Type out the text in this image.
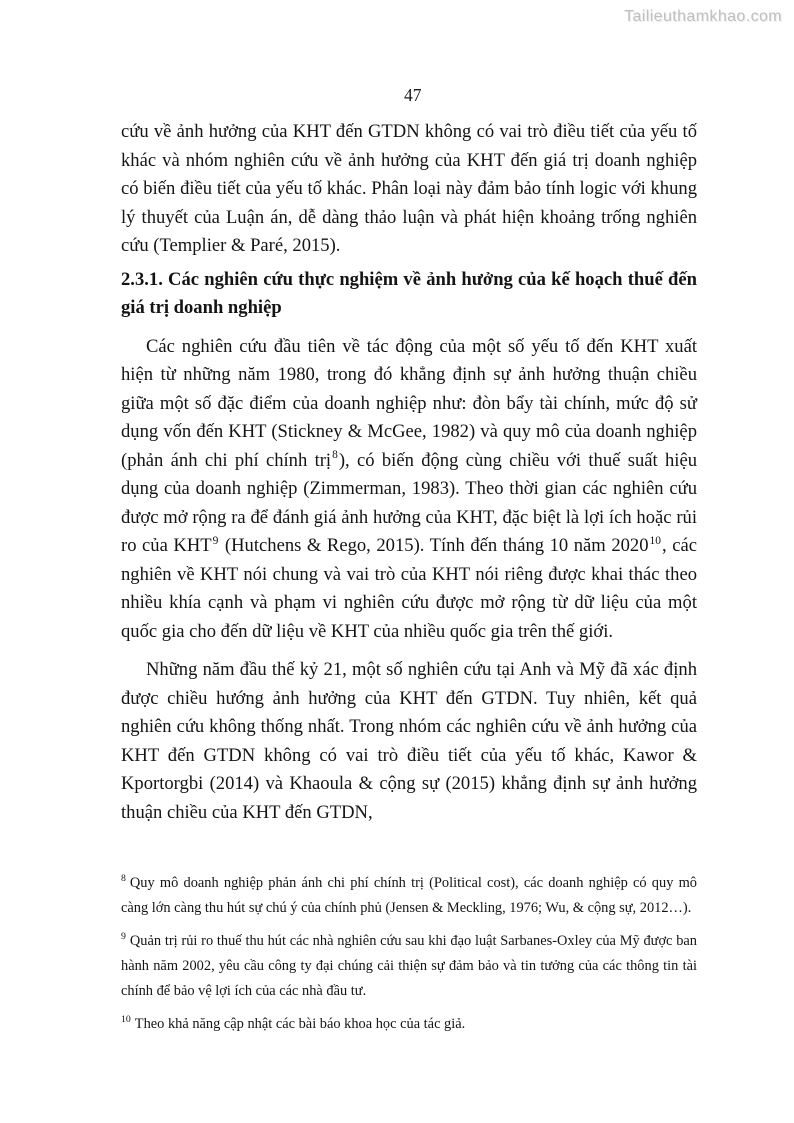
Tailieuthamkhao.com
47

cứu về ảnh hưởng của KHT đến GTDN không có vai trò điều tiết của yếu tố khác và nhóm nghiên cứu về ảnh hưởng của KHT đến giá trị doanh nghiệp có biến điều tiết của yếu tố khác. Phân loại này đảm bảo tính logic với khung lý thuyết của Luận án, dễ dàng thảo luận và phát hiện khoảng trống nghiên cứu (Templier & Paré, 2015).

2.3.1. Các nghiên cứu thực nghiệm về ảnh hưởng của kế hoạch thuế đến giá trị doanh nghiệp

Các nghiên cứu đầu tiên về tác động của một số yếu tố đến KHT xuất hiện từ những năm 1980, trong đó khẳng định sự ảnh hưởng thuận chiều giữa một số đặc điểm của doanh nghiệp như: đòn bẩy tài chính, mức độ sử dụng vốn đến KHT (Stickney & McGee, 1982) và quy mô của doanh nghiệp (phản ánh chi phí chính trị$^8$), có biến động cùng chiều với thuế suất hiệu dụng của doanh nghiệp (Zimmerman, 1983). Theo thời gian các nghiên cứu được mở rộng ra để đánh giá ảnh hưởng của KHT, đặc biệt là lợi ích hoặc rủi ro của KHT$^9$ (Hutchens & Rego, 2015). Tính đến tháng 10 năm 2020$^{10}$, các nghiên về KHT nói chung và vai trò của KHT nói riêng được khai thác theo nhiều khía cạnh và phạm vi nghiên cứu được mở rộng từ dữ liệu của một quốc gia cho đến dữ liệu về KHT của nhiều quốc gia trên thế giới.

Những năm đầu thế kỷ 21, một số nghiên cứu tại Anh và Mỹ đã xác định được chiều hướng ảnh hưởng của KHT đến GTDN. Tuy nhiên, kết quả nghiên cứu không thống nhất. Trong nhóm các nghiên cứu về ảnh hưởng của KHT đến GTDN không có vai trò điều tiết của yếu tố khác, Kawor & Kportorgbi (2014) và Khaoula & cộng sự (2015) khẳng định sự ảnh hưởng thuận chiều của KHT đến GTDN,

$^8$ Quy mô doanh nghiệp phản ánh chi phí chính trị (Political cost), các doanh nghiệp có quy mô càng lớn càng thu hút sự chú ý của chính phủ (Jensen & Meckling, 1976; Wu, & cộng sự, 2012…).

$^9$ Quản trị rủi ro thuế thu hút các nhà nghiên cứu sau khi đạo luật Sarbanes-Oxley của Mỹ được ban hành năm 2002, yêu cầu công ty đại chúng cải thiện sự đảm bảo và tin tưởng của các thông tin tài chính để bảo vệ lợi ích của các nhà đầu tư.

$^{10}$ Theo khả năng cập nhật các bài báo khoa học của tác giả.
